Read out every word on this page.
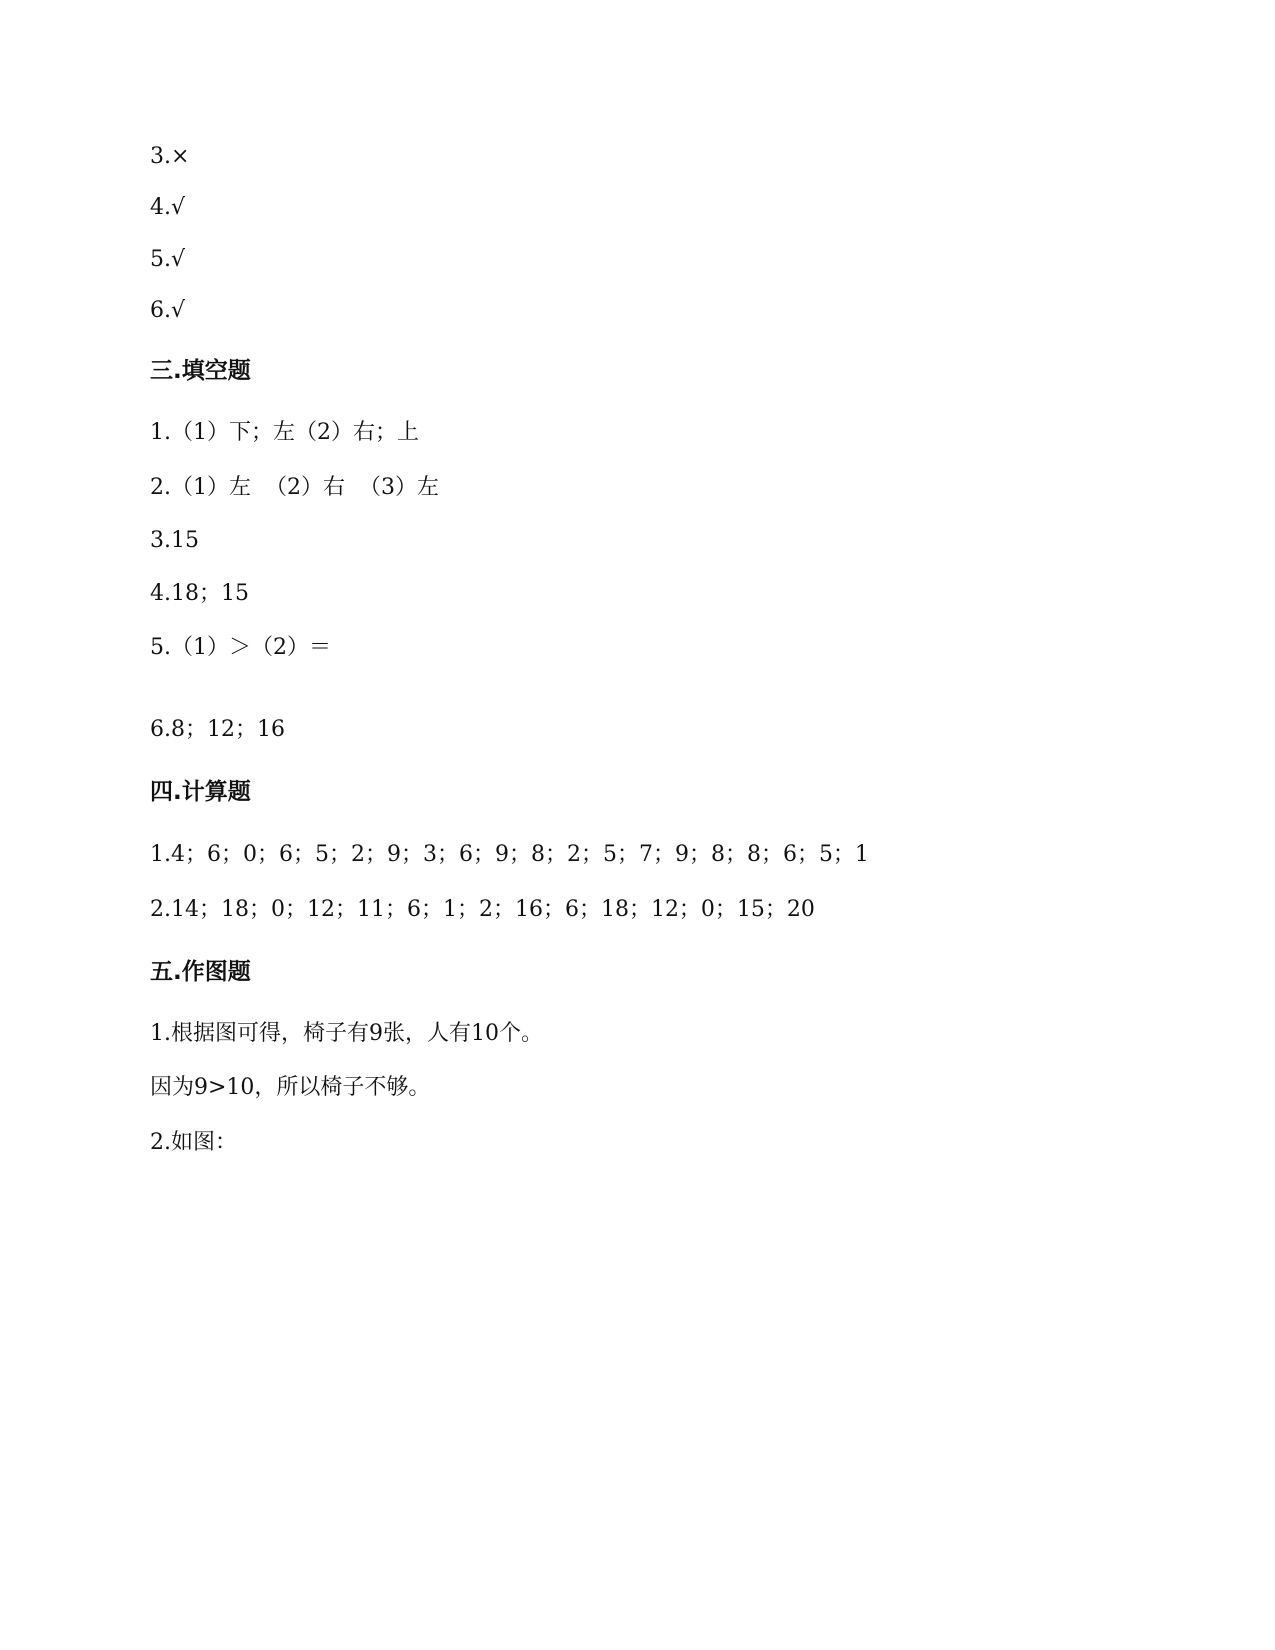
3.×
4.√
5.√
6.√
三.填空题
1.（1）下；左（2）右；上
2.（1）左  （2）右  （3）左
3.15
4.18；15
5.（1）＞（2）＝
6.8；12；16
四.计算题
1.4；6；0；6；5；2；9；3；6；9；8；2；5；7；9；8；8；6；5；1
2.14；18；0；12；11；6；1；2；16；6；18；12；0；15；20
五.作图题
1.根据图可得，椅子有9张，人有10个。
因为9>10，所以椅子不够。
2.如图：
